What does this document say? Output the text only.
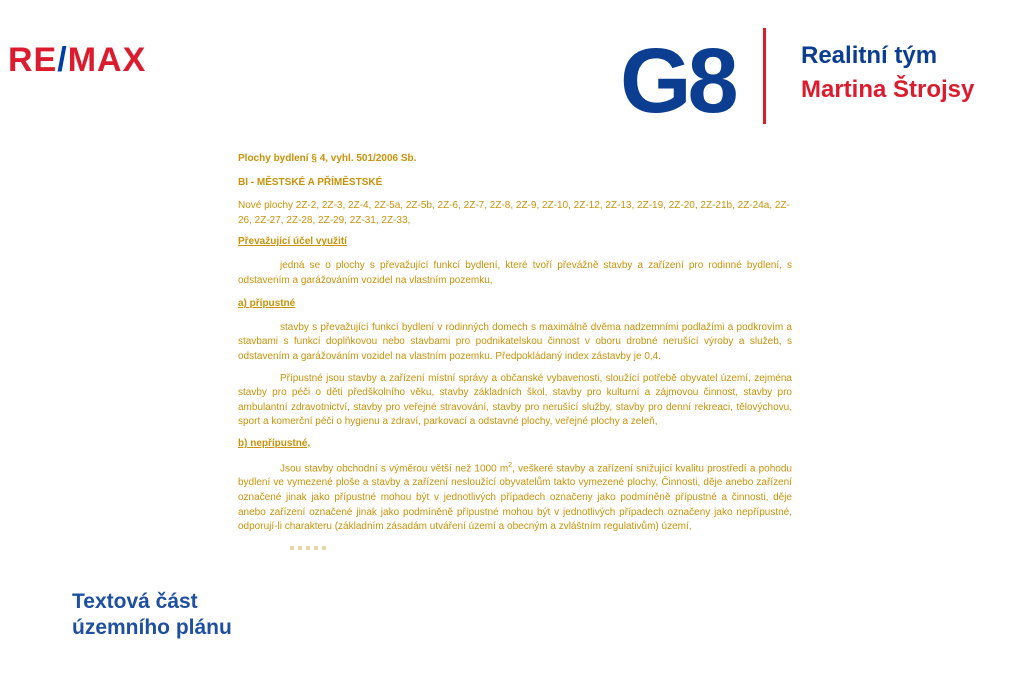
RE/MAX	G8	Realitní tým
Martina Štrojsy

Plochy bydlení § 4, vyhl. 501/2006 Sb.

BI - MĚSTSKÉ A PŘÍMĚSTSKÉ

Nové plochy 2Z-2, 2Z-3, 2Z-4, 2Z-5a, 2Z-5b, 2Z-6, 2Z-7, 2Z-8, 2Z-9, 2Z-10, 2Z-12, 2Z-13, 2Z-19, 2Z-20, 2Z-21b, 2Z-24a, 2Z-26, 2Z-27, 2Z-28, 2Z-29, 2Z-31, 2Z-33,

Převažující účel využití

jedná se o plochy s převažující funkcí bydlení, které tvoří převážně stavby a zařízení pro rodinné bydlení, s odstavením a garážováním vozidel na vlastním pozemku,

a) přípustné

stavby s převažující funkcí bydlení v rodinných domech s maximálně dvěma nadzemními podlažími a podkrovím a stavbami s funkcí doplňkovou nebo stavbami pro podnikatelskou činnost v oboru drobné nerušící výroby a služeb, s odstavením a garážováním vozidel na vlastním pozemku. Předpokládaný index zástavby je 0,4.

Přípustné jsou stavby a zařízení místní správy a občanské vybavenosti, sloužící potřebě obyvatel území, zejména stavby pro péči o děti předškolního věku, stavby základních škol, stavby pro kulturní a zájmovou činnost, stavby pro ambulantní zdravotnictví, stavby pro veřejné stravování, stavby pro nerušící služby, stavby pro denní rekreaci, tělovýchovu, sport a komerční péči o hygienu a zdraví, parkovací a odstavné plochy, veřejné plochy a zeleň,

b) nepřípustné,

Jsou stavby obchodní s výměrou větší než 1000 $m^2$, veškeré stavby a zařízení snižující kvalitu prostředí a pohodu bydlení ve vymezené ploše a stavby a zařízení nesloužící obyvatelům takto vymezené plochy, Činnosti, děje anebo zařízení označené jinak jako přípustné mohou být v jednotlivých případech označeny jako podmíněně přípustné a činnosti, děje anebo zařízení označené jinak jako podmíněně přípustné mohou být v jednotlivých případech označeny jako nepřípustné, odporují-li charakteru (základním zásadám utváření území a obecným a zvláštním regulativům) území,

Textová část
územního plánu
